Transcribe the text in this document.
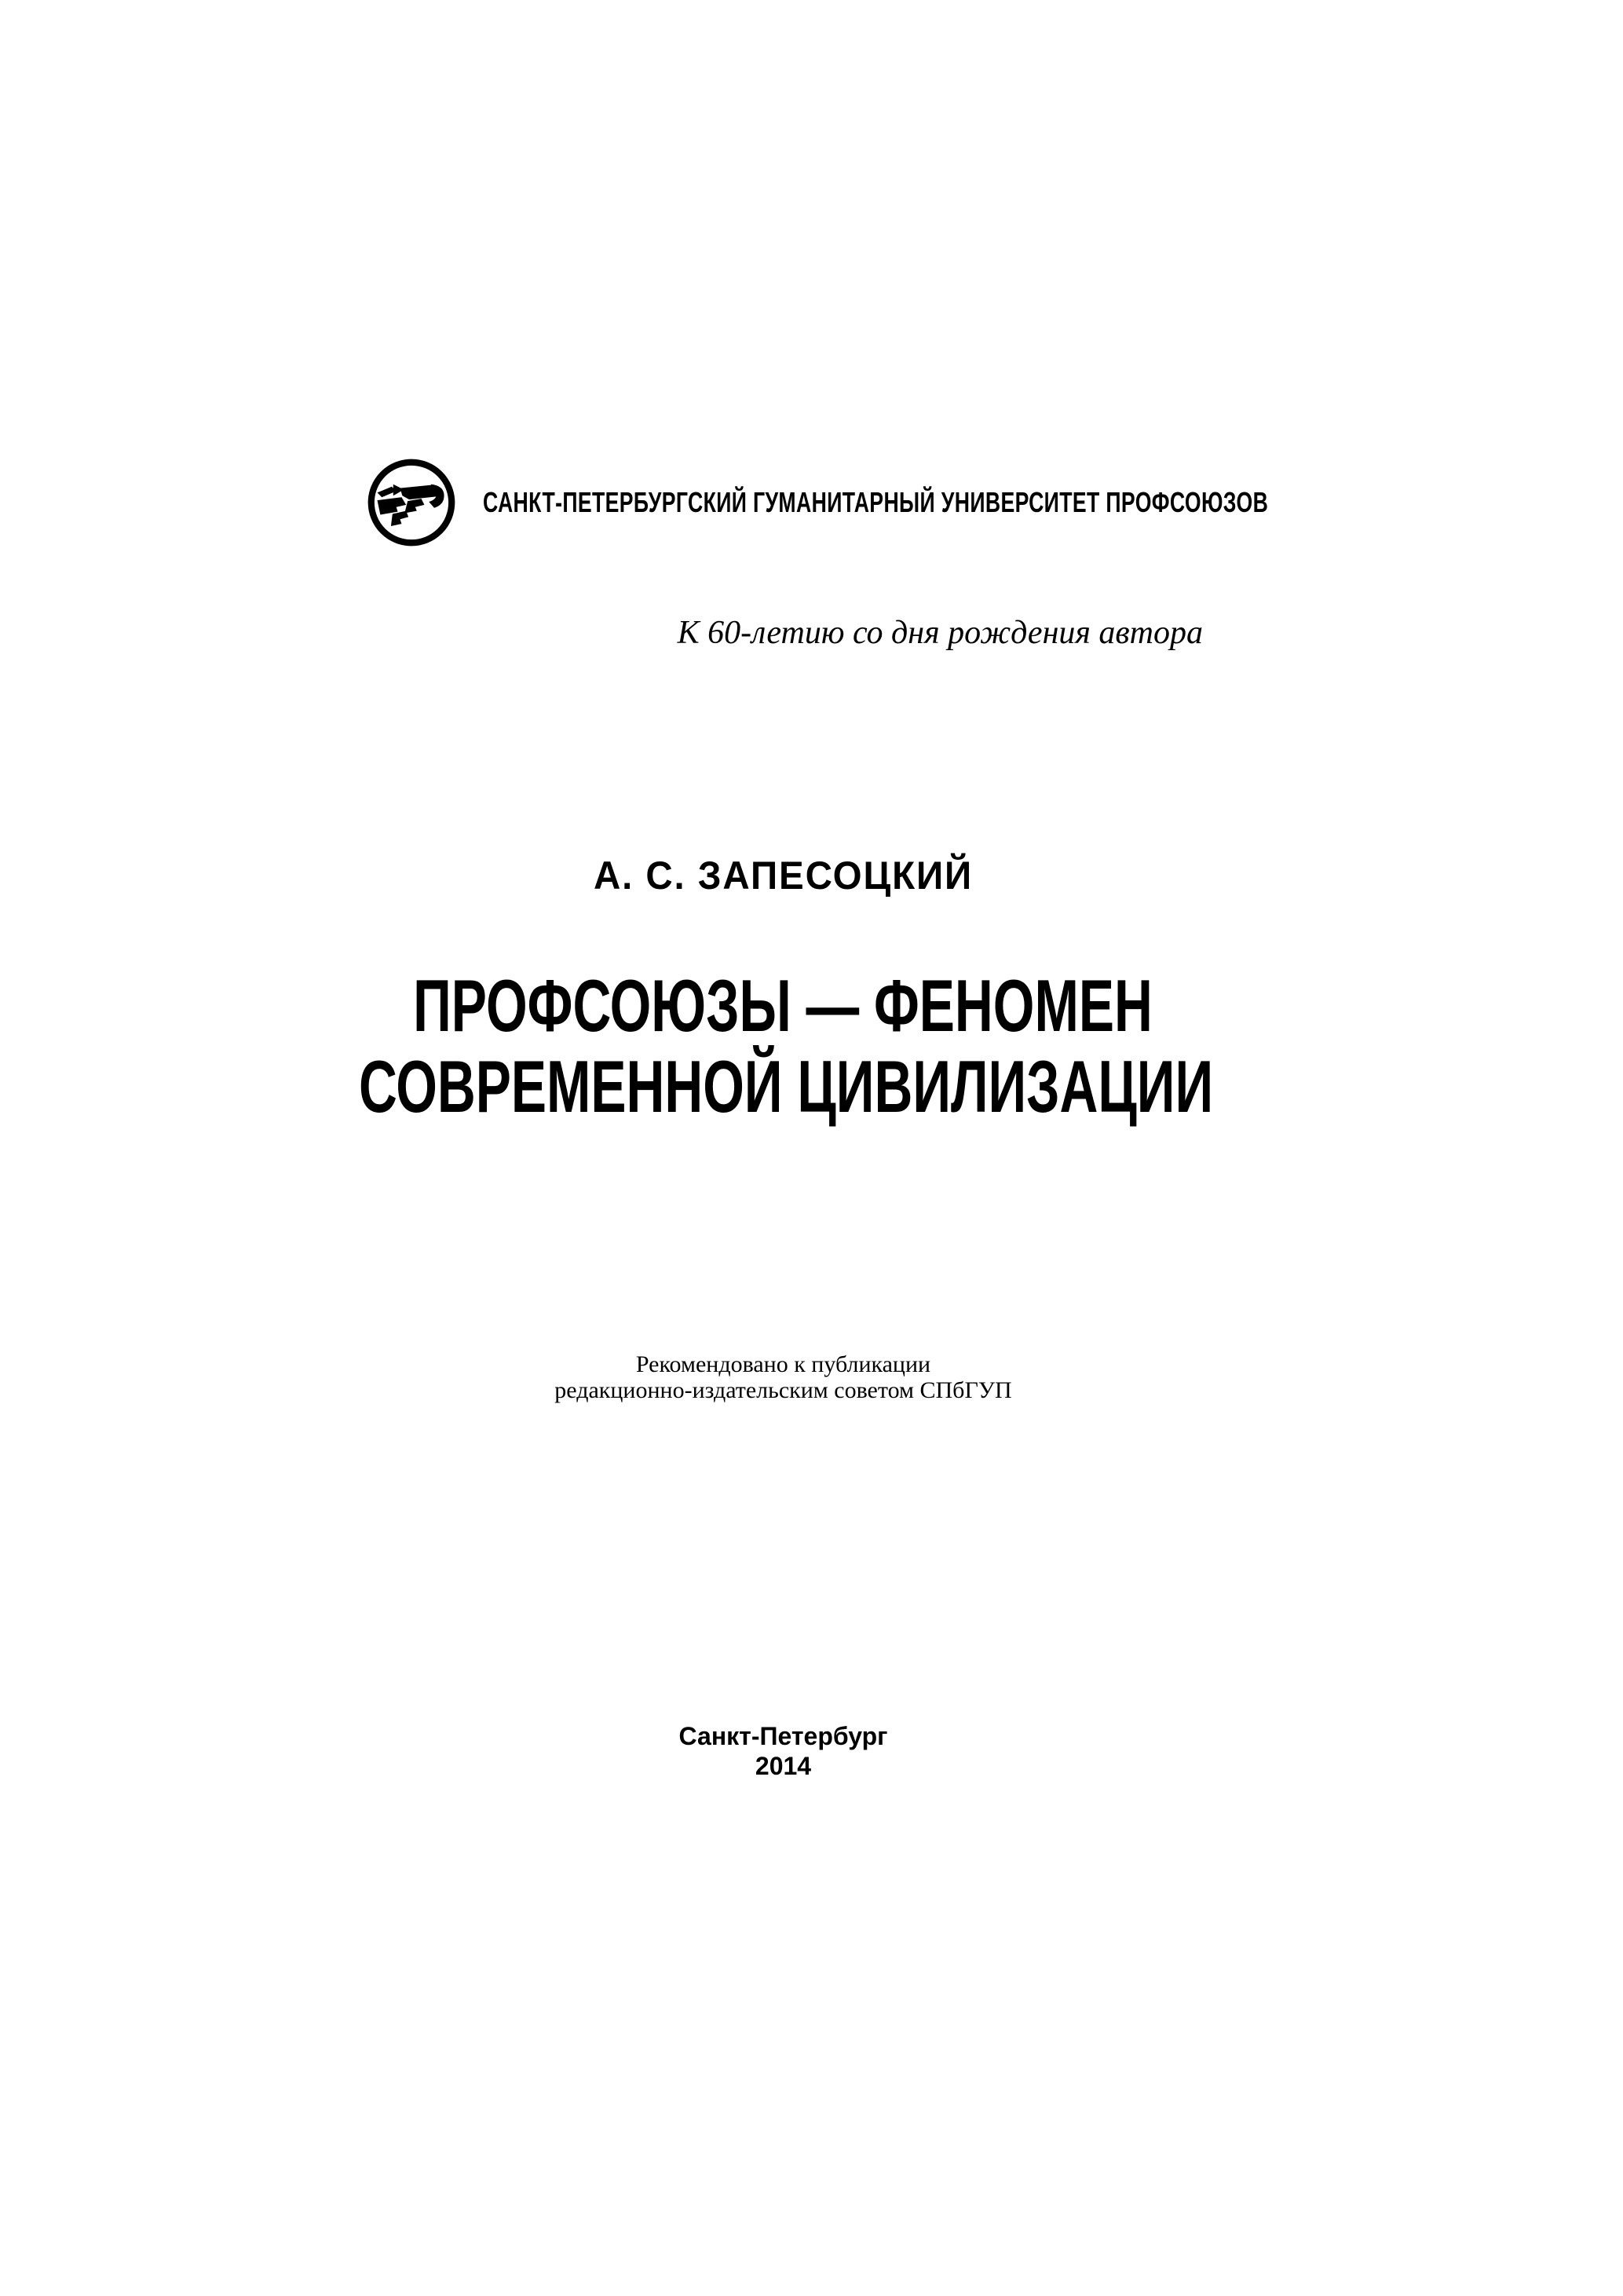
САНКТ-ПЕТЕРБУРГСКИЙ ГУМАНИТАРНЫЙ УНИВЕРСИТЕТ ПРОФСОЮЗОВ
К 60-летию со дня рождения автора
А. С. ЗАПЕСОЦКИЙ
ПРОФСОЮЗЫ — ФЕНОМЕН
СОВРЕМЕННОЙ ЦИВИЛИЗАЦИИ
Рекомендовано к публикации
редакционно-издательским советом СПбГУП
Санкт-Петербург
2014
